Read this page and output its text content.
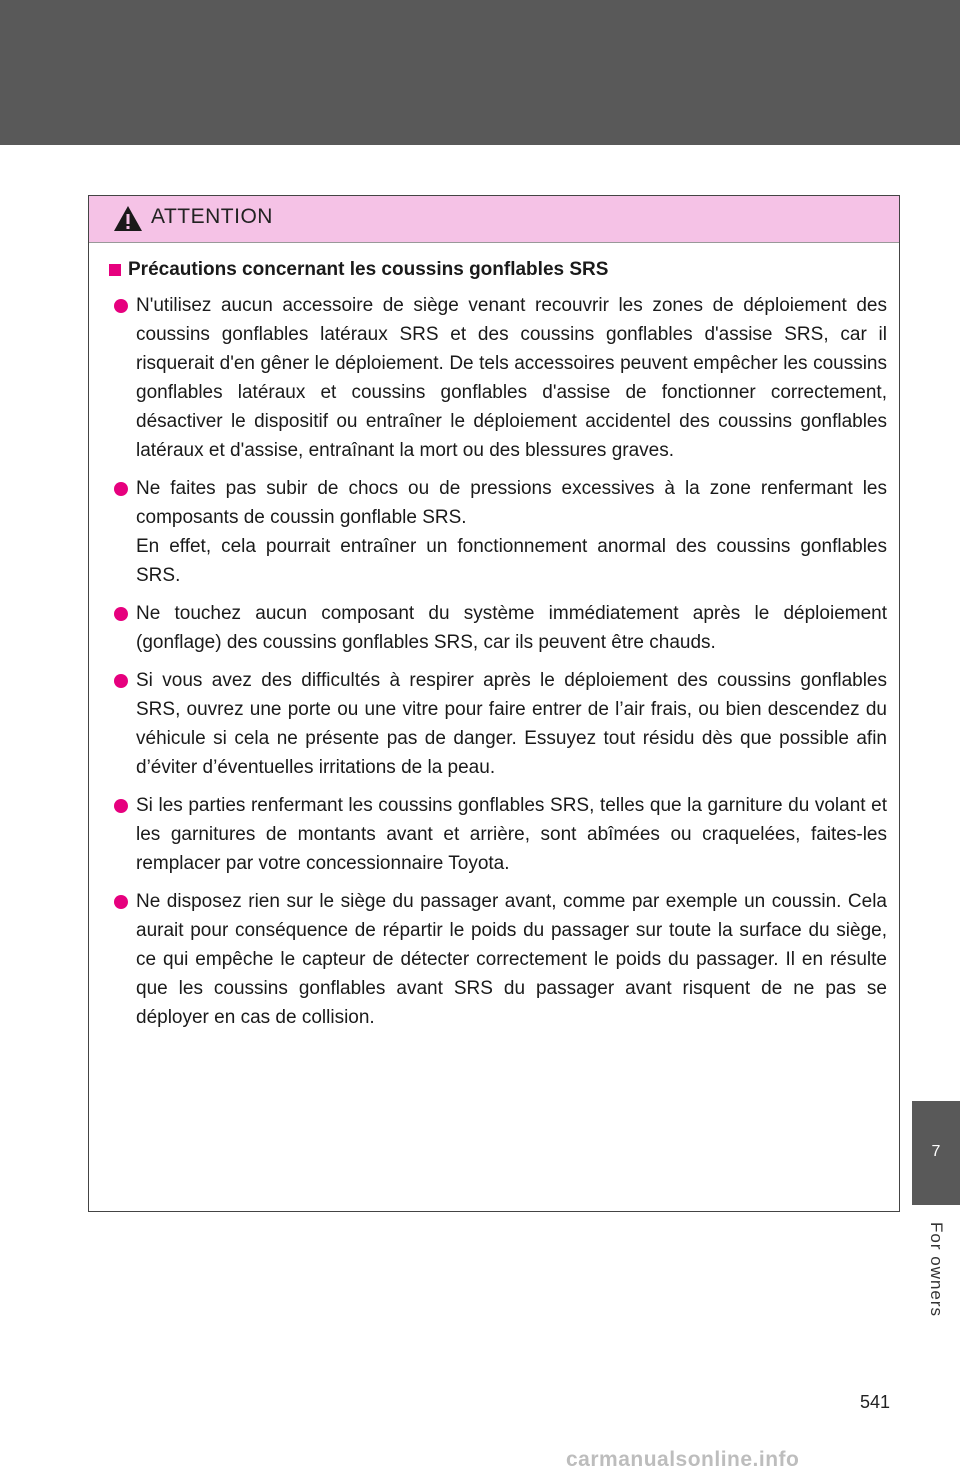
7
For owners
ATTENTION
Précautions concernant les coussins gonflables SRS

N'utilisez aucun accessoire de siège venant recouvrir les zones de déploiement des coussins gonflables latéraux SRS et des coussins gonflables d'assise SRS, car il risquerait d'en gêner le déploiement. De tels accessoires peuvent empêcher les coussins gonflables latéraux et coussins gonflables d'assise de fonctionner correctement, désactiver le dispositif ou entraîner le déploiement accidentel des coussins gonflables latéraux et d'assise, entraînant la mort ou des blessures graves.

Ne faites pas subir de chocs ou de pressions excessives à la zone renfermant les composants de coussin gonflable SRS.

En effet, cela pourrait entraîner un fonctionnement anormal des coussins gonflables SRS.

Ne touchez aucun composant du système immédiatement après le déploiement (gonflage) des coussins gonflables SRS, car ils peuvent être chauds.

Si vous avez des difficultés à respirer après le déploiement des coussins gonflables SRS, ouvrez une porte ou une vitre pour faire entrer de l’air frais, ou bien descendez du véhicule si cela ne présente pas de danger. Essuyez tout résidu dès que possible afin d’éviter d’éventuelles irritations de la peau.

Si les parties renfermant les coussins gonflables SRS, telles que la garniture du volant et les garnitures de montants avant et arrière, sont abîmées ou craquelées, faites-les remplacer par votre concessionnaire Toyota.

Ne disposez rien sur le siège du passager avant, comme par exemple un coussin. Cela aurait pour conséquence de répartir le poids du passager sur toute la surface du siège, ce qui empêche le capteur de détecter correctement le poids du passager. Il en résulte que les coussins gonflables avant SRS du passager avant risquent de ne pas se déployer en cas de collision.

541
carmanualsonline.info
